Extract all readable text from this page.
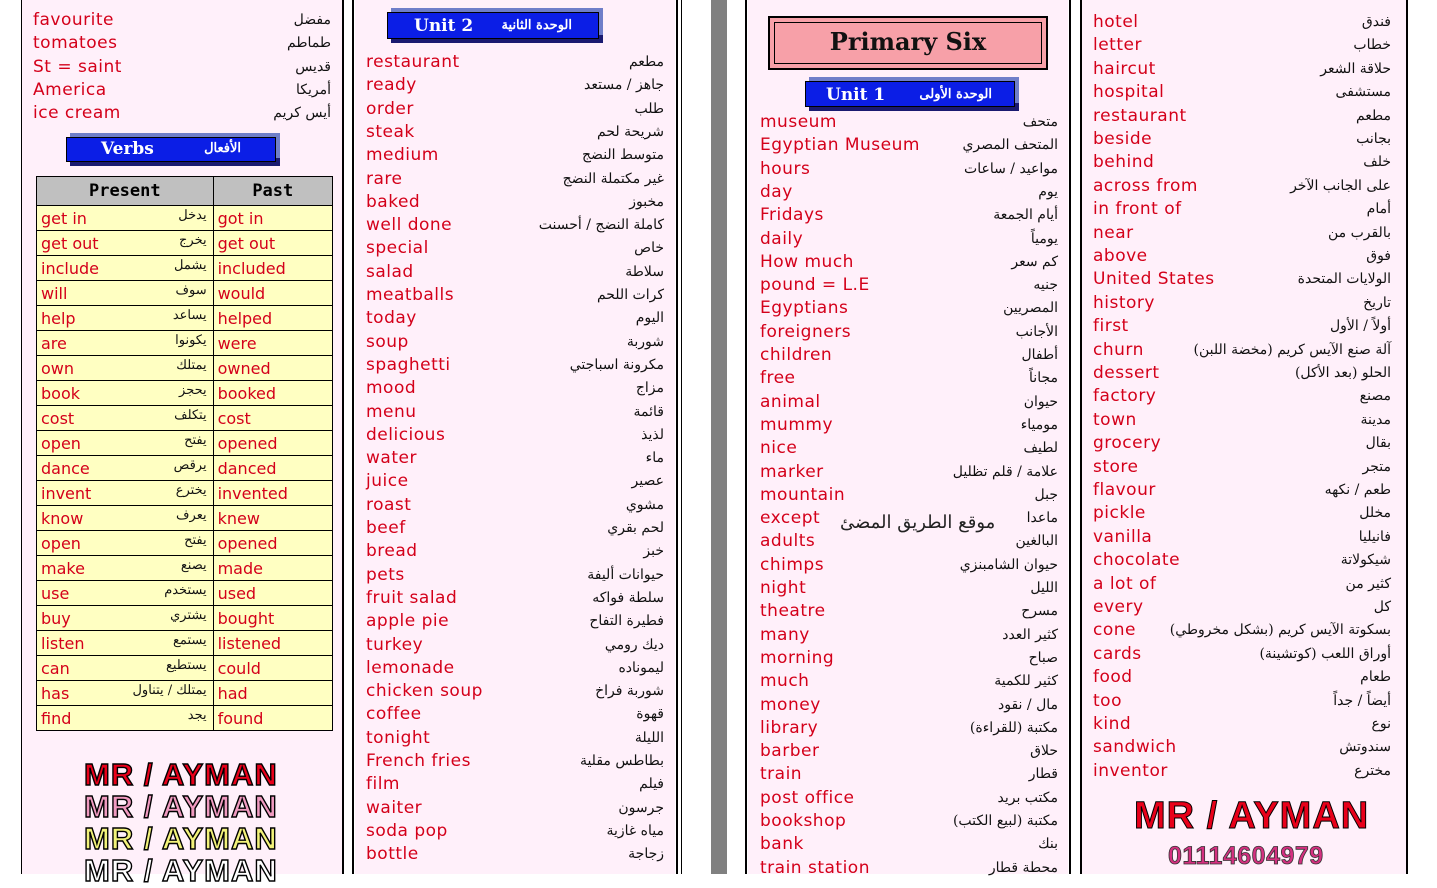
favourite	مفضل
tomatoes	طماطم
St = saint	قديس
America	أمريكا
ice cream	أيس كريم
Verbs	الأفعال
Present	Past
get in يدخل	got in
get out يخرج	get out
include يشمل	included
will سوف	would
help يساعد	helped
are يكونوا	were
own يمتلك	owned
book يحجز	booked
cost يتكلف	cost
open يفتح	opened
dance يرقص	danced
invent يخترع	invented
know يعرف	knew
open يفتح	opened
make يصنع	made
use يستخدم	used
buy يشتري	bought
listen يستمع	listened
can يستطيع	could
has يمتلك / يتناول	had
find يجد	found
MR / AYMAN
MR / AYMAN
MR / AYMAN
MR / AYMAN
Unit 2 الوحدة الثانية
restaurant	مطعم
ready	جاهز / مستعد
order	طلب
steak	شريحة لحم
medium	متوسط النضج
rare	غير مكتملة النضج
baked	مخبوز
well done	كاملة النضج / أحسنت
special	خاص
salad	سلاطة
meatballs	كرات اللحم
today	اليوم
soup	شوربة
spaghetti	مكرونة اسباجتي
mood	مزاج
menu	قائمة
delicious	لذيذ
water	ماء
juice	عصير
roast	مشوي
beef	لحم بقري
bread	خبز
pets	حيوانات أليفة
fruit salad	سلطة فواكه
apple pie	فطيرة التفاح
turkey	ديك رومي
lemonade	ليموناده
chicken soup	شوربة فراخ
coffee	قهوة
tonight	الليلة
French fries	بطاطس مقلية
film	فيلم
waiter	جرسون
soda pop	مياه غازية
bottle	زجاجة
Primary Six
Unit 1	الوحدة الأولى
museum	متحف
Egyptian Museum	المتحف المصري
hours	مواعيد / ساعات
day	يوم
Fridays	أيام الجمعة
daily	يومياً
How much	كم سعر
pound = L.E	جنيه
Egyptians	المصريين
foreigners	الأجانب
children	أطفال
free	مجاناً
animal	حيوان
mummy	مومياء
nice	لطيف
marker	علامة / قلم تظليل
mountain	جبل
except	ماعدا
adults	البالغين
chimps	حيوان الشامبنزي
night	الليل
theatre	مسرح
many	كثير العدد
morning	صباح
much	كثير للكمية
money	مال / نقود
library	مكتبة (للقراءة)
barber	حلاق
train	قطار
post office	مكتب بريد
bookshop	مكتبة (لبيع الكتب)
bank	بنك
train station	محطة قطار
موقع الطريق المضئ
hotel	فندق
letter	خطاب
haircut	حلاقة الشعر
hospital	مستشفى
restaurant	مطعم
beside	بجانب
behind	خلف
across from	على الجانب الآخر
in front of	أمام
near	بالقرب من
above	فوق
United States	الولايات المتحدة
history	تاريخ
first	أولاً / الأول
churn	آلة صنع الآيس كريم (مخضة اللبن)
dessert	الحلو (بعد الأكل)
factory	مصنع
town	مدينة
grocery	بقال
store	متجر
flavour	طعم / نكهه
pickle	مخلل
vanilla	فانيليا
chocolate	شيكولاتة
a lot of	كثير من
every	كل
cone بسكوتة الآيس كريم (بشكل مخروطي)
cards	أوراق اللعب (كوتشينة)
food	طعام
too	أيضاً / جداً
kind	نوع
sandwich	سندوتش
inventor	مخترع
MR / AYMAN
01114604979
